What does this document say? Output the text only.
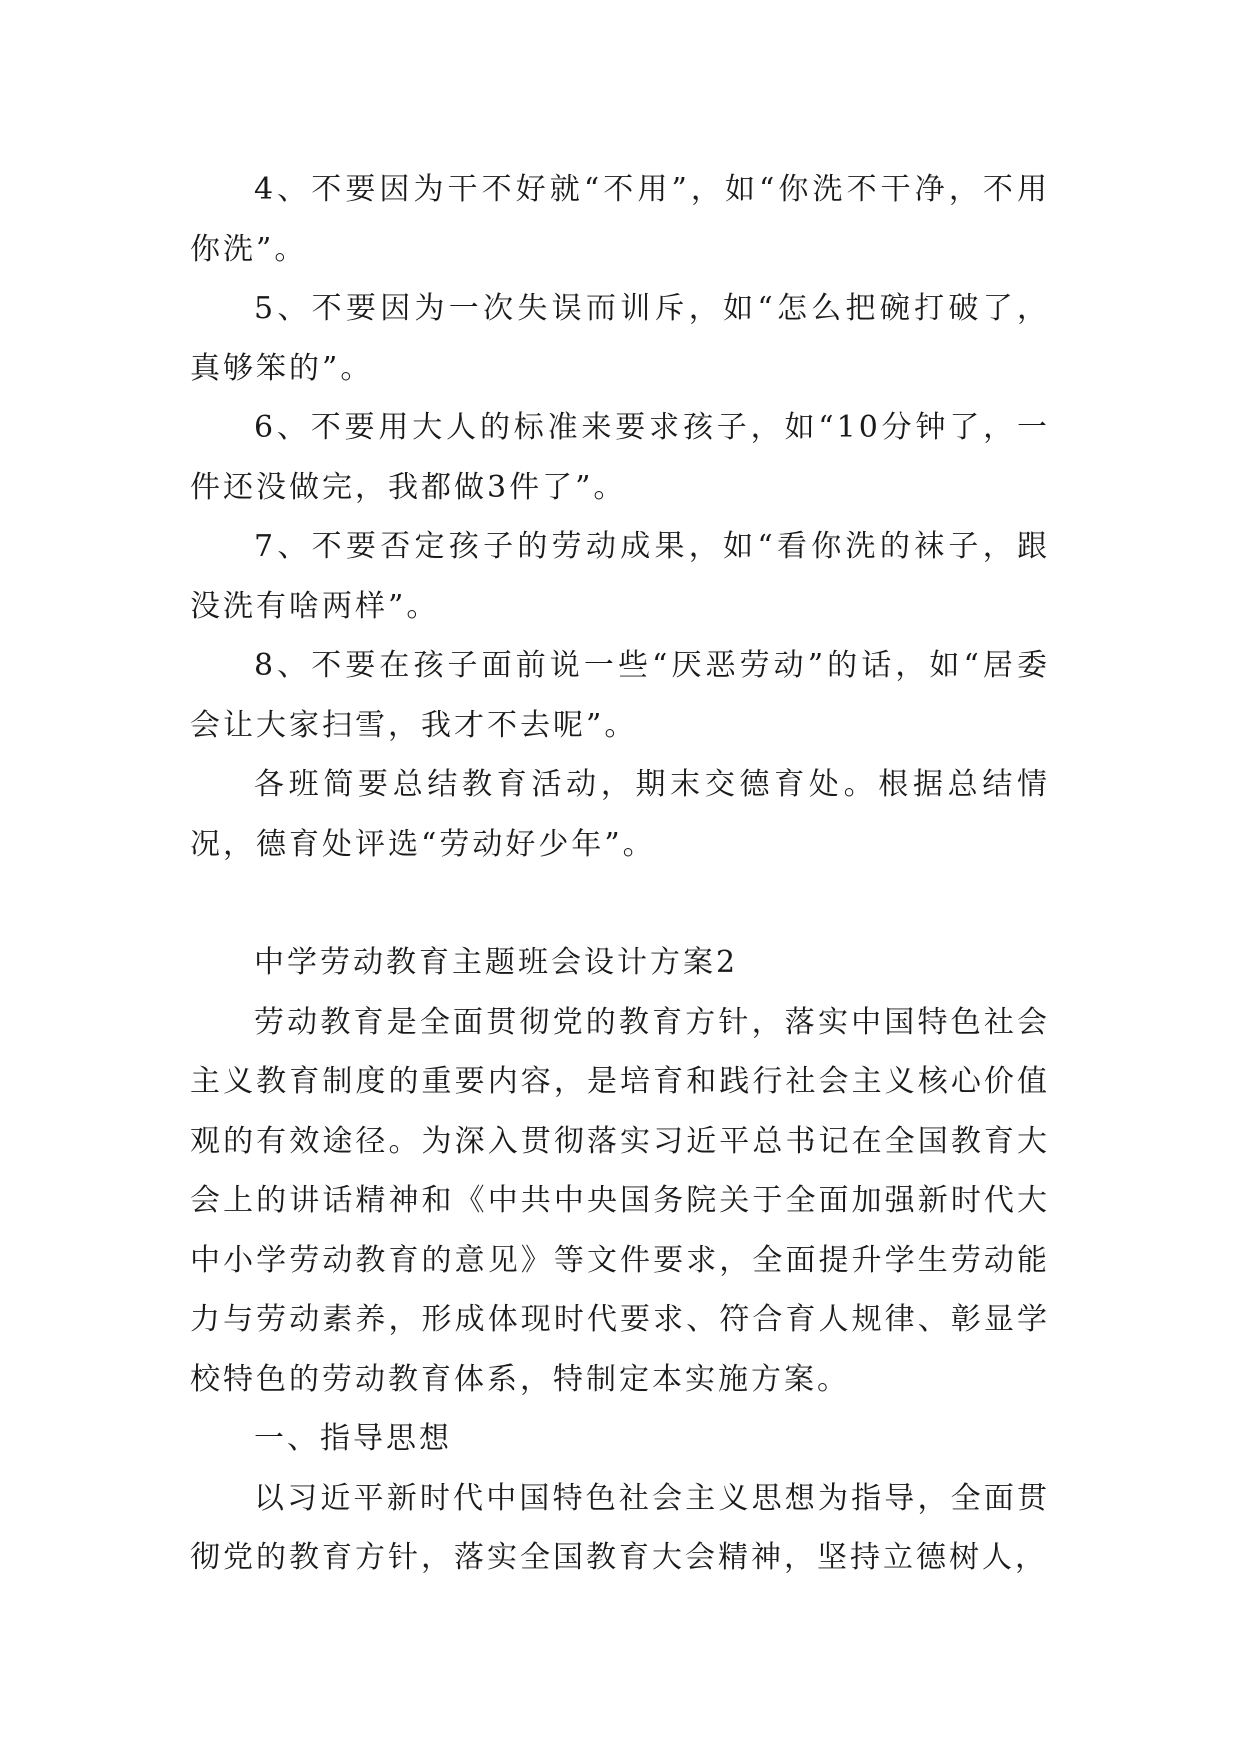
4、不要因为干不好就“不用”，如“你洗不干净，不用你洗”。

5、不要因为一次失误而训斥，如“怎么把碗打破了，真够笨的”。

6、不要用大人的标准来要求孩子，如“10分钟了，一件还没做完，我都做3件了”。

7、不要否定孩子的劳动成果，如“看你洗的袜子，跟没洗有啥两样”。

8、不要在孩子面前说一些“厌恶劳动”的话，如“居委会让大家扫雪，我才不去呢”。

各班简要总结教育活动，期末交德育处。根据总结情况，德育处评选“劳动好少年”。

中学劳动教育主题班会设计方案2

劳动教育是全面贯彻党的教育方针，落实中国特色社会主义教育制度的重要内容，是培育和践行社会主义核心价值观的有效途径。为深入贯彻落实习近平总书记在全国教育大会上的讲话精神和《中共中央国务院关于全面加强新时代大中小学劳动教育的意见》等文件要求，全面提升学生劳动能力与劳动素养，形成体现时代要求、符合育人规律、彰显学校特色的劳动教育体系，特制定本实施方案。

一、指导思想

以习近平新时代中国特色社会主义思想为指导，全面贯彻党的教育方针，落实全国教育大会精神，坚持立德树人，
